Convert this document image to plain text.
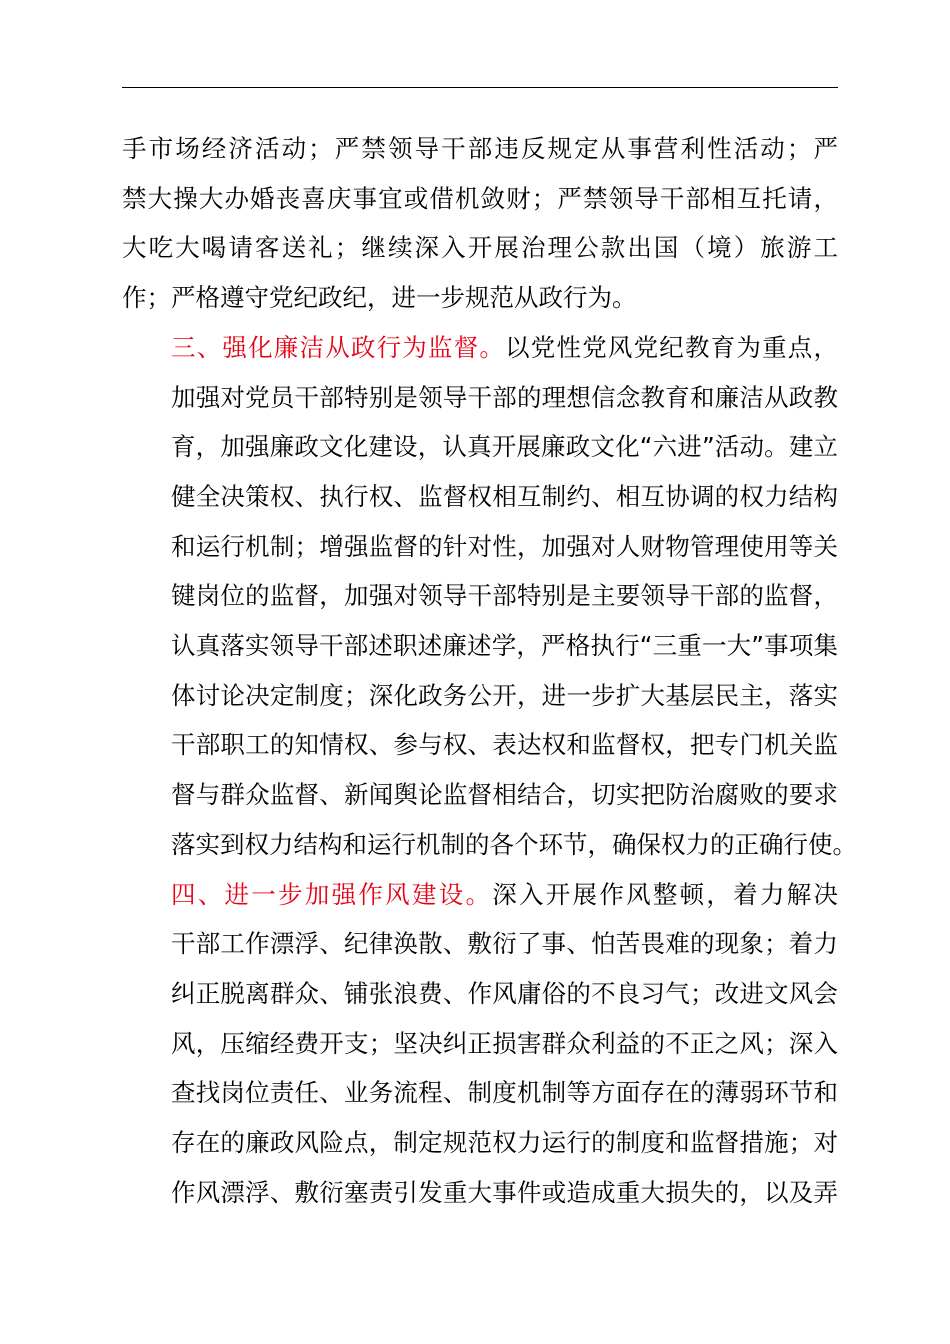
手市场经济活动；严禁领导干部违反规定从事营利性活动；严
禁大操大办婚丧喜庆事宜或借机敛财；严禁领导干部相互托请，
大吃大喝请客送礼；继续深入开展治理公款出国（境）旅游工
作；严格遵守党纪政纪，进一步规范从政行为。

三、强化廉洁从政行为监督。以党性党风党纪教育为重点，
加强对党员干部特别是领导干部的理想信念教育和廉洁从政教
育，加强廉政文化建设，认真开展廉政文化“六进”活动。建立
健全决策权、执行权、监督权相互制约、相互协调的权力结构
和运行机制；增强监督的针对性，加强对人财物管理使用等关
键岗位的监督，加强对领导干部特别是主要领导干部的监督，
认真落实领导干部述职述廉述学，严格执行“三重一大”事项集
体讨论决定制度；深化政务公开，进一步扩大基层民主，落实
干部职工的知情权、参与权、表达权和监督权，把专门机关监
督与群众监督、新闻舆论监督相结合，切实把防治腐败的要求
落实到权力结构和运行机制的各个环节，确保权力的正确行使。

四、进一步加强作风建设。深入开展作风整顿，着力解决
干部工作漂浮、纪律涣散、敷衍了事、怕苦畏难的现象；着力
纠正脱离群众、铺张浪费、作风庸俗的不良习气；改进文风会
风，压缩经费开支；坚决纠正损害群众利益的不正之风；深入
查找岗位责任、业务流程、制度机制等方面存在的薄弱环节和
存在的廉政风险点，制定规范权力运行的制度和监督措施；对
作风漂浮、敷衍塞责引发重大事件或造成重大损失的，以及弄
